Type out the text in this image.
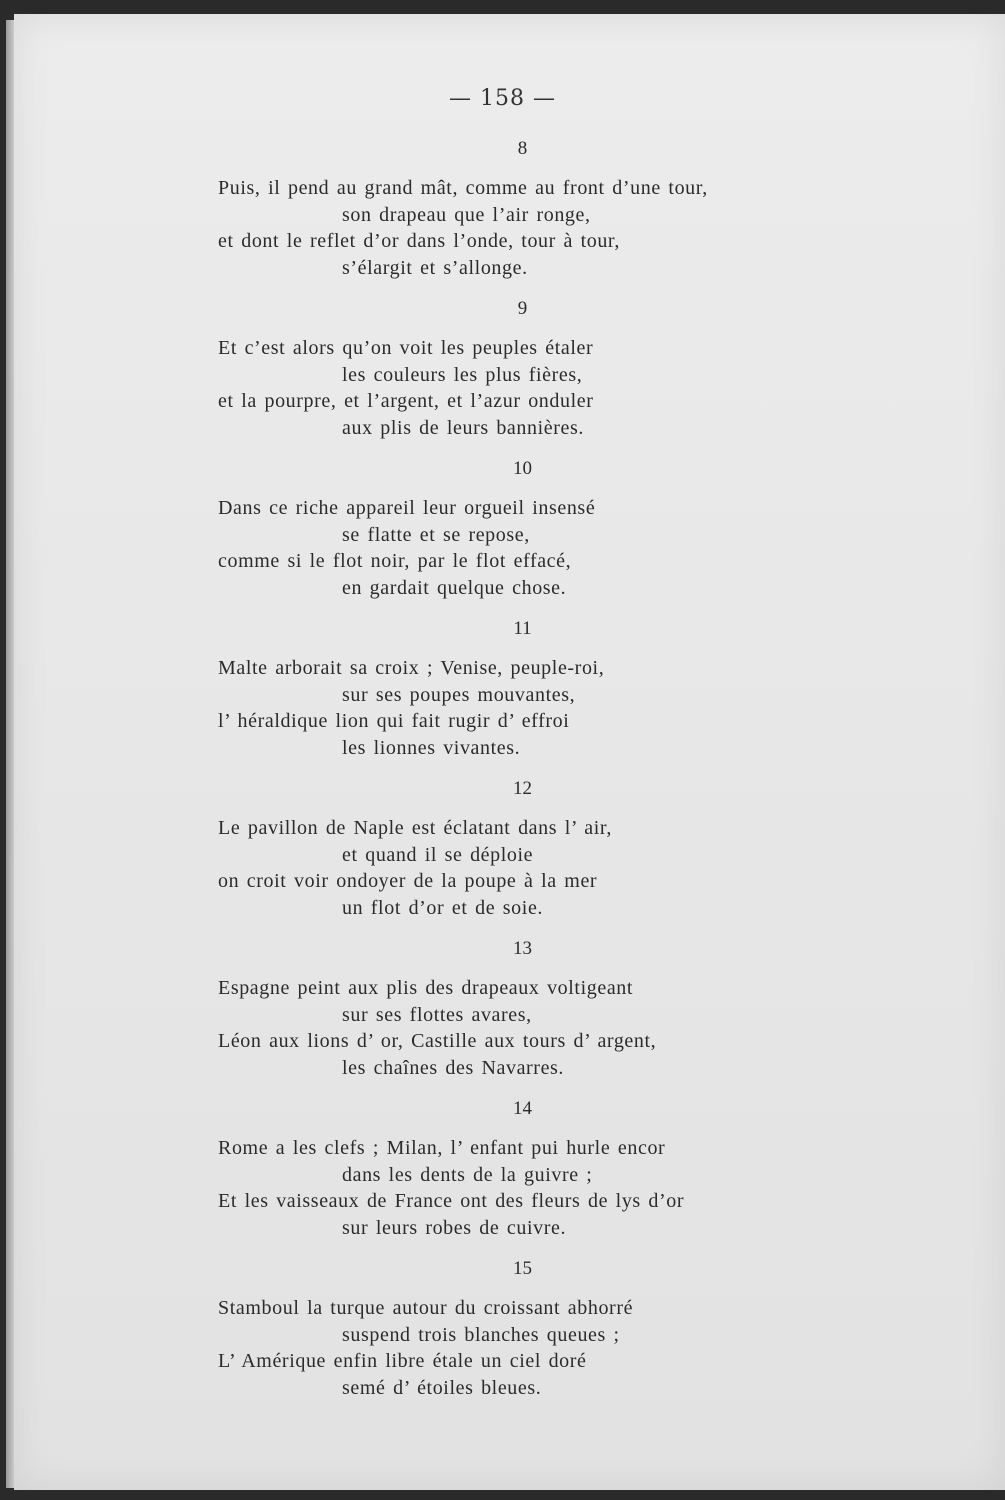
— 158 —
8
Puis, il pend au grand mât, comme au front d’une tour,
son drapeau que l’air ronge,
et dont le reflet d’or dans l’onde, tour à tour,
s’élargit et s’allonge.
9
Et c’est alors qu’on voit les peuples étaler
les couleurs les plus fières,
et la pourpre, et l’argent, et l’azur onduler
aux plis de leurs bannières.
10
Dans ce riche appareil leur orgueil insensé
se flatte et se repose,
comme si le flot noir, par le flot effacé,
en gardait quelque chose.
11
Malte arborait sa croix ; Venise, peuple-roi,
sur ses poupes mouvantes,
l’ héraldique lion qui fait rugir d’ effroi
les lionnes vivantes.
12
Le pavillon de Naple est éclatant dans l’ air,
et quand il se déploie
on croit voir ondoyer de la poupe à la mer
un flot d’or et de soie.
13
Espagne peint aux plis des drapeaux voltigeant
sur ses flottes avares,
Léon aux lions d’ or, Castille aux tours d’ argent,
les chaînes des Navarres.
14
Rome a les clefs ; Milan, l’ enfant pui hurle encor
dans les dents de la guivre ;
Et les vaisseaux de France ont des fleurs de lys d’or
sur leurs robes de cuivre.
15
Stamboul la turque autour du croissant abhorré
suspend trois blanches queues ;
L’ Amérique enfin libre étale un ciel doré
semé d’ étoiles bleues.
